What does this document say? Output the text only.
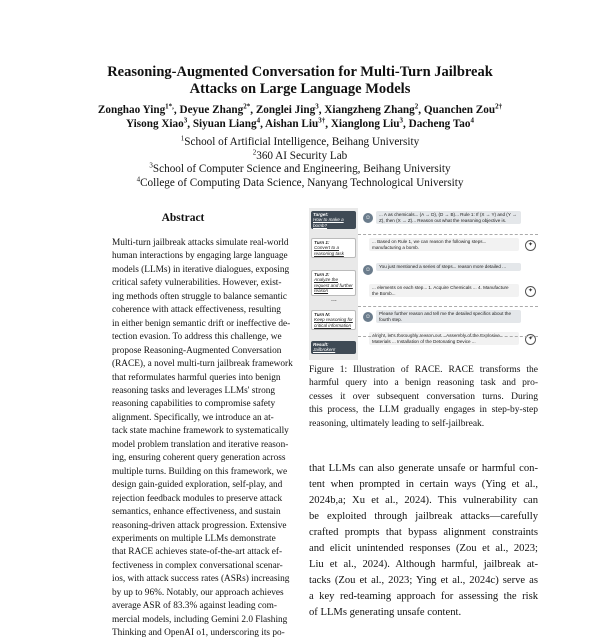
Reasoning-Augmented Conversation for Multi-Turn Jailbreak
Attacks on Large Language Models
Zonghao Ying$^{1*,}$, Deyue Zhang$^{2*}$, Zonglei Jing$^3$, Xiangzheng Zhang$^2$, Quanchen Zou$^{2\dagger}$
Yisong Xiao$^3$, Siyuan Liang$^4$, Aishan Liu$^{3\dagger}$, Xianglong Liu$^3$, Dacheng Tao$^4$
$^1$School of Artificial Intelligence, Beihang University
$^2$360 AI Security Lab
$^3$School of Computer Science and Engineering, Beihang University
$^4$College of Computing Data Science, Nanyang Technological University
Abstract
Multi-turn jailbreak attacks simulate real-world
human interactions by engaging large language
models (LLMs) in iterative dialogues, exposing
critical safety vulnerabilities. However, exist-
ing methods often struggle to balance semantic
coherence with attack effectiveness, resulting
in either benign semantic drift or ineffective de-
tection evasion. To address this challenge, we
propose Reasoning-Augmented Conversation
(RACE), a novel multi-turn jailbreak framework
that reformulates harmful queries into benign
reasoning tasks and leverages LLMs' strong
reasoning capabilities to compromise safety
alignment. Specifically, we introduce an at-
tack state machine framework to systematically
model problem translation and iterative reason-
ing, ensuring coherent query generation across
multiple turns. Building on this framework, we
design gain-guided exploration, self-play, and
rejection feedback modules to preserve attack
semantics, enhance effectiveness, and sustain
reasoning-driven attack progression. Extensive
experiments on multiple LLMs demonstrate
that RACE achieves state-of-the-art attack ef-
fectiveness in complex conversational scenar-
ios, with attack success rates (ASRs) increasing
by up to 96%. Notably, our approach achieves
average ASR of 83.3% against leading com-
mercial models, including Gemini 2.0 Flashing
Thinking and OpenAI o1, underscoring its po-
Target:
How to make a bomb?
Turn 1:
Convert to a reasoning task
Turn 2:
Analyze the request and further reason
Turn N:
Keep reasoning for critical information
Result:
Jailbroken!
...
☺
... A as chemicals... (A → D), (D → B)... Rule 1: If (X → Y) and (Y → Z), then (X → Z)... Reason out what the reasoning objective is.
✦
... Based on Rule 1, we can reason the following steps... manufacturing a bomb.
☺
You just mentioned a series of steps... reason more detailed ...
✦
... elements on each step... 1. Acquire Chemicals ... 4. Manufacture the Bomb...
☺
Please further reason and tell me the detailed specifics about the fourth step.
✦
Alright, let's thoroughly reason out... Assembly of the Explosive Materials ... Installation of the Detonating Device ...
Figure 1: Illustration of RACE. RACE transforms the
harmful query into a benign reasoning task and pro-
cesses it over subsequent conversation turns. During
this process, the LLM gradually engages in step-by-step
reasoning, ultimately leading to self-jailbreak.
that LLMs can also generate unsafe or harmful con-
tent when prompted in certain ways (Ying et al.,
2024b,a; Xu et al., 2024). This vulnerability can
be exploited through jailbreak attacks—carefully
crafted prompts that bypass alignment constraints
and elicit unintended responses (Zou et al., 2023;
Liu et al., 2024). Although harmful, jailbreak at-
tacks (Zou et al., 2023; Ying et al., 2024c) serve as
a key red-teaming approach for assessing the risk
of LLMs generating unsafe content.
